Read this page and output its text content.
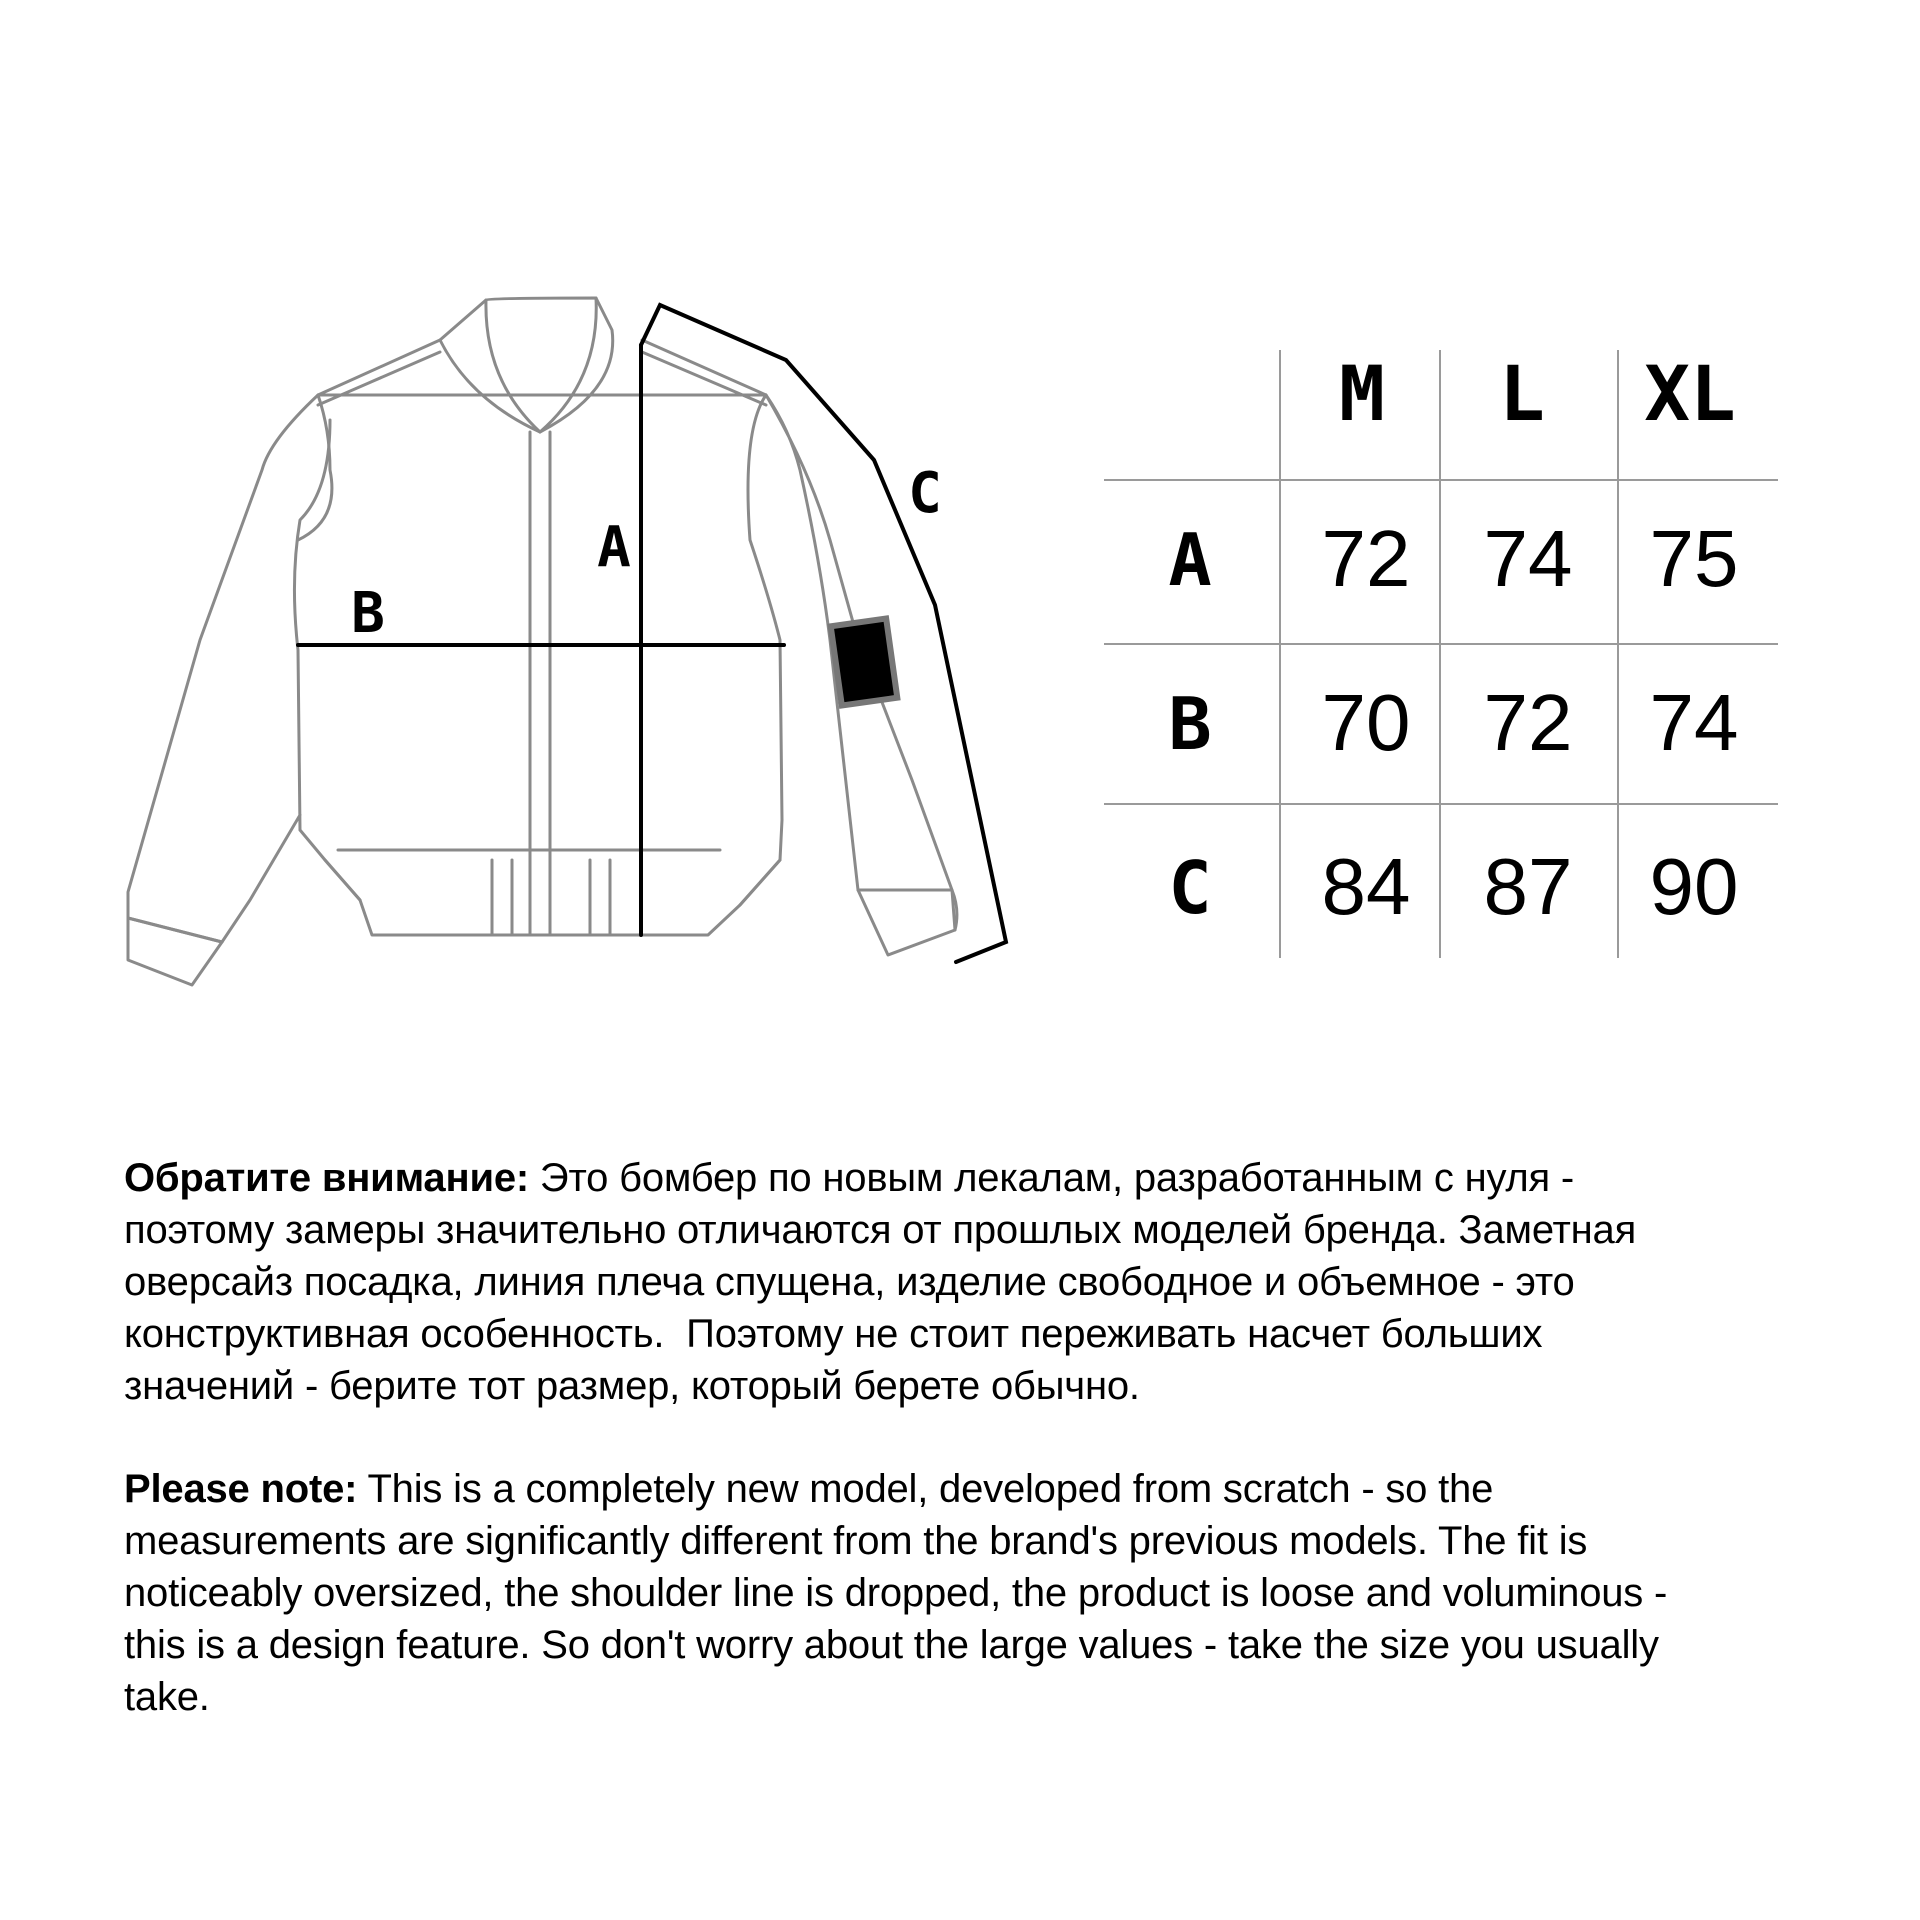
A
B
C
M L XL
A 72 74 75
B 70 72 74
C 84 87 90
Обратите внимание: Это бомбер по новым лекалам, разработанным с нуля -
поэтому замеры значительно отличаются от прошлых моделей бренда. Заметная
оверсайз посадка, линия плеча спущена, изделие свободное и объемное - это
конструктивная особенность.  Поэтому не стоит переживать насчет больших
значений - берите тот размер, который берете обычно.
Please note: This is a completely new model, developed from scratch - so the
measurements are significantly different from the brand's previous models. The fit is
noticeably oversized, the shoulder line is dropped, the product is loose and voluminous -
this is a design feature. So don't worry about the large values - take the size you usually
take.
